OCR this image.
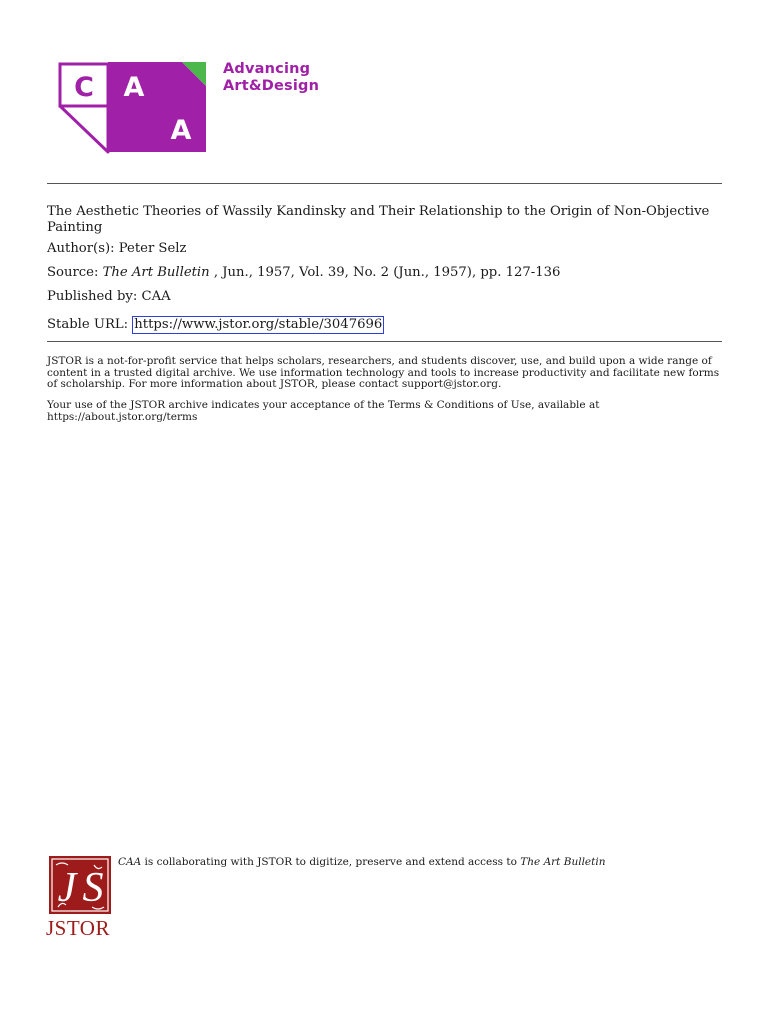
C A
A
Advancing
Art&Design
The Aesthetic Theories of Wassily Kandinsky and Their Relationship to the Origin of Non-Objective Painting
Author(s): Peter Selz
Source: The Art Bulletin , Jun., 1957, Vol. 39, No. 2 (Jun., 1957), pp. 127-136
Published by: CAA
Stable URL: https://www.jstor.org/stable/3047696
JSTOR is a not-for-profit service that helps scholars, researchers, and students discover, use, and build upon a wide range of content in a trusted digital archive. We use information technology and tools to increase productivity and facilitate new forms of scholarship. For more information about JSTOR, please contact support@jstor.org.
Your use of the JSTOR archive indicates your acceptance of the Terms & Conditions of Use, available at https://about.jstor.org/terms
J S
JSTOR
CAA is collaborating with JSTOR to digitize, preserve and extend access to The Art Bulletin
